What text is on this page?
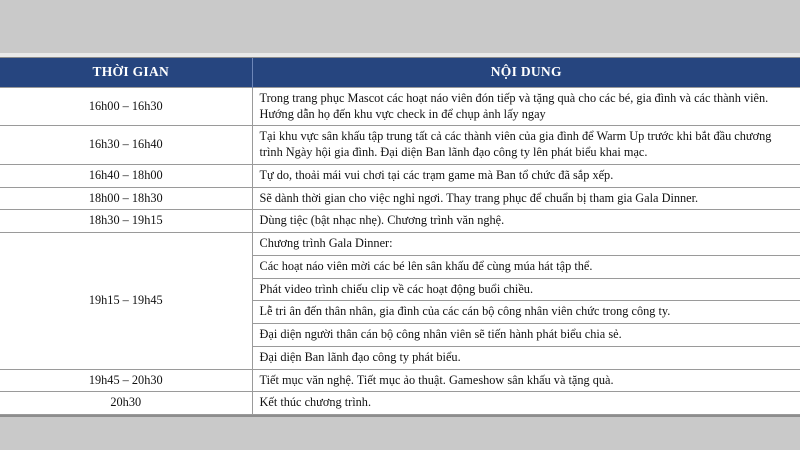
THỜI GIAN	NỘI DUNG
16h00 – 16h30	Trong trang phục Mascot các hoạt náo viên đón tiếp và tặng quà cho các bé, gia đình và các thành viên. Hướng dẫn họ đến khu vực check in để chụp ảnh lấy ngay
16h30 – 16h40	Tại khu vực sân khấu tập trung tất cả các thành viên của gia đình để Warm Up trước khi bắt đầu chương trình Ngày hội gia đình. Đại diện Ban lãnh đạo công ty lên phát biểu khai mạc.
16h40 – 18h00	Tự do, thoải mái vui chơi tại các trạm game mà Ban tổ chức đã sắp xếp.
18h00 – 18h30	Sẽ dành thời gian cho việc nghỉ ngơi. Thay trang phục để chuẩn bị tham gia Gala Dinner.
18h30 – 19h15	Dùng tiệc (bật nhạc nhẹ). Chương trình văn nghệ.
19h15 – 19h45	Chương trình Gala Dinner:
	Các hoạt náo viên mời các bé lên sân khấu để cùng múa hát tập thể.
	Phát video trình chiếu clip về các hoạt động buổi chiều.
	Lễ tri ân đến thân nhân, gia đình của các cán bộ công nhân viên chức trong công ty.
	Đại diện người thân cán bộ công nhân viên sẽ tiến hành phát biểu chia sẻ.
	Đại diện Ban lãnh đạo công ty phát biểu.
19h45 – 20h30	Tiết mục văn nghệ. Tiết mục ảo thuật. Gameshow sân khấu và tặng quà.
20h30	Kết thúc chương trình.
